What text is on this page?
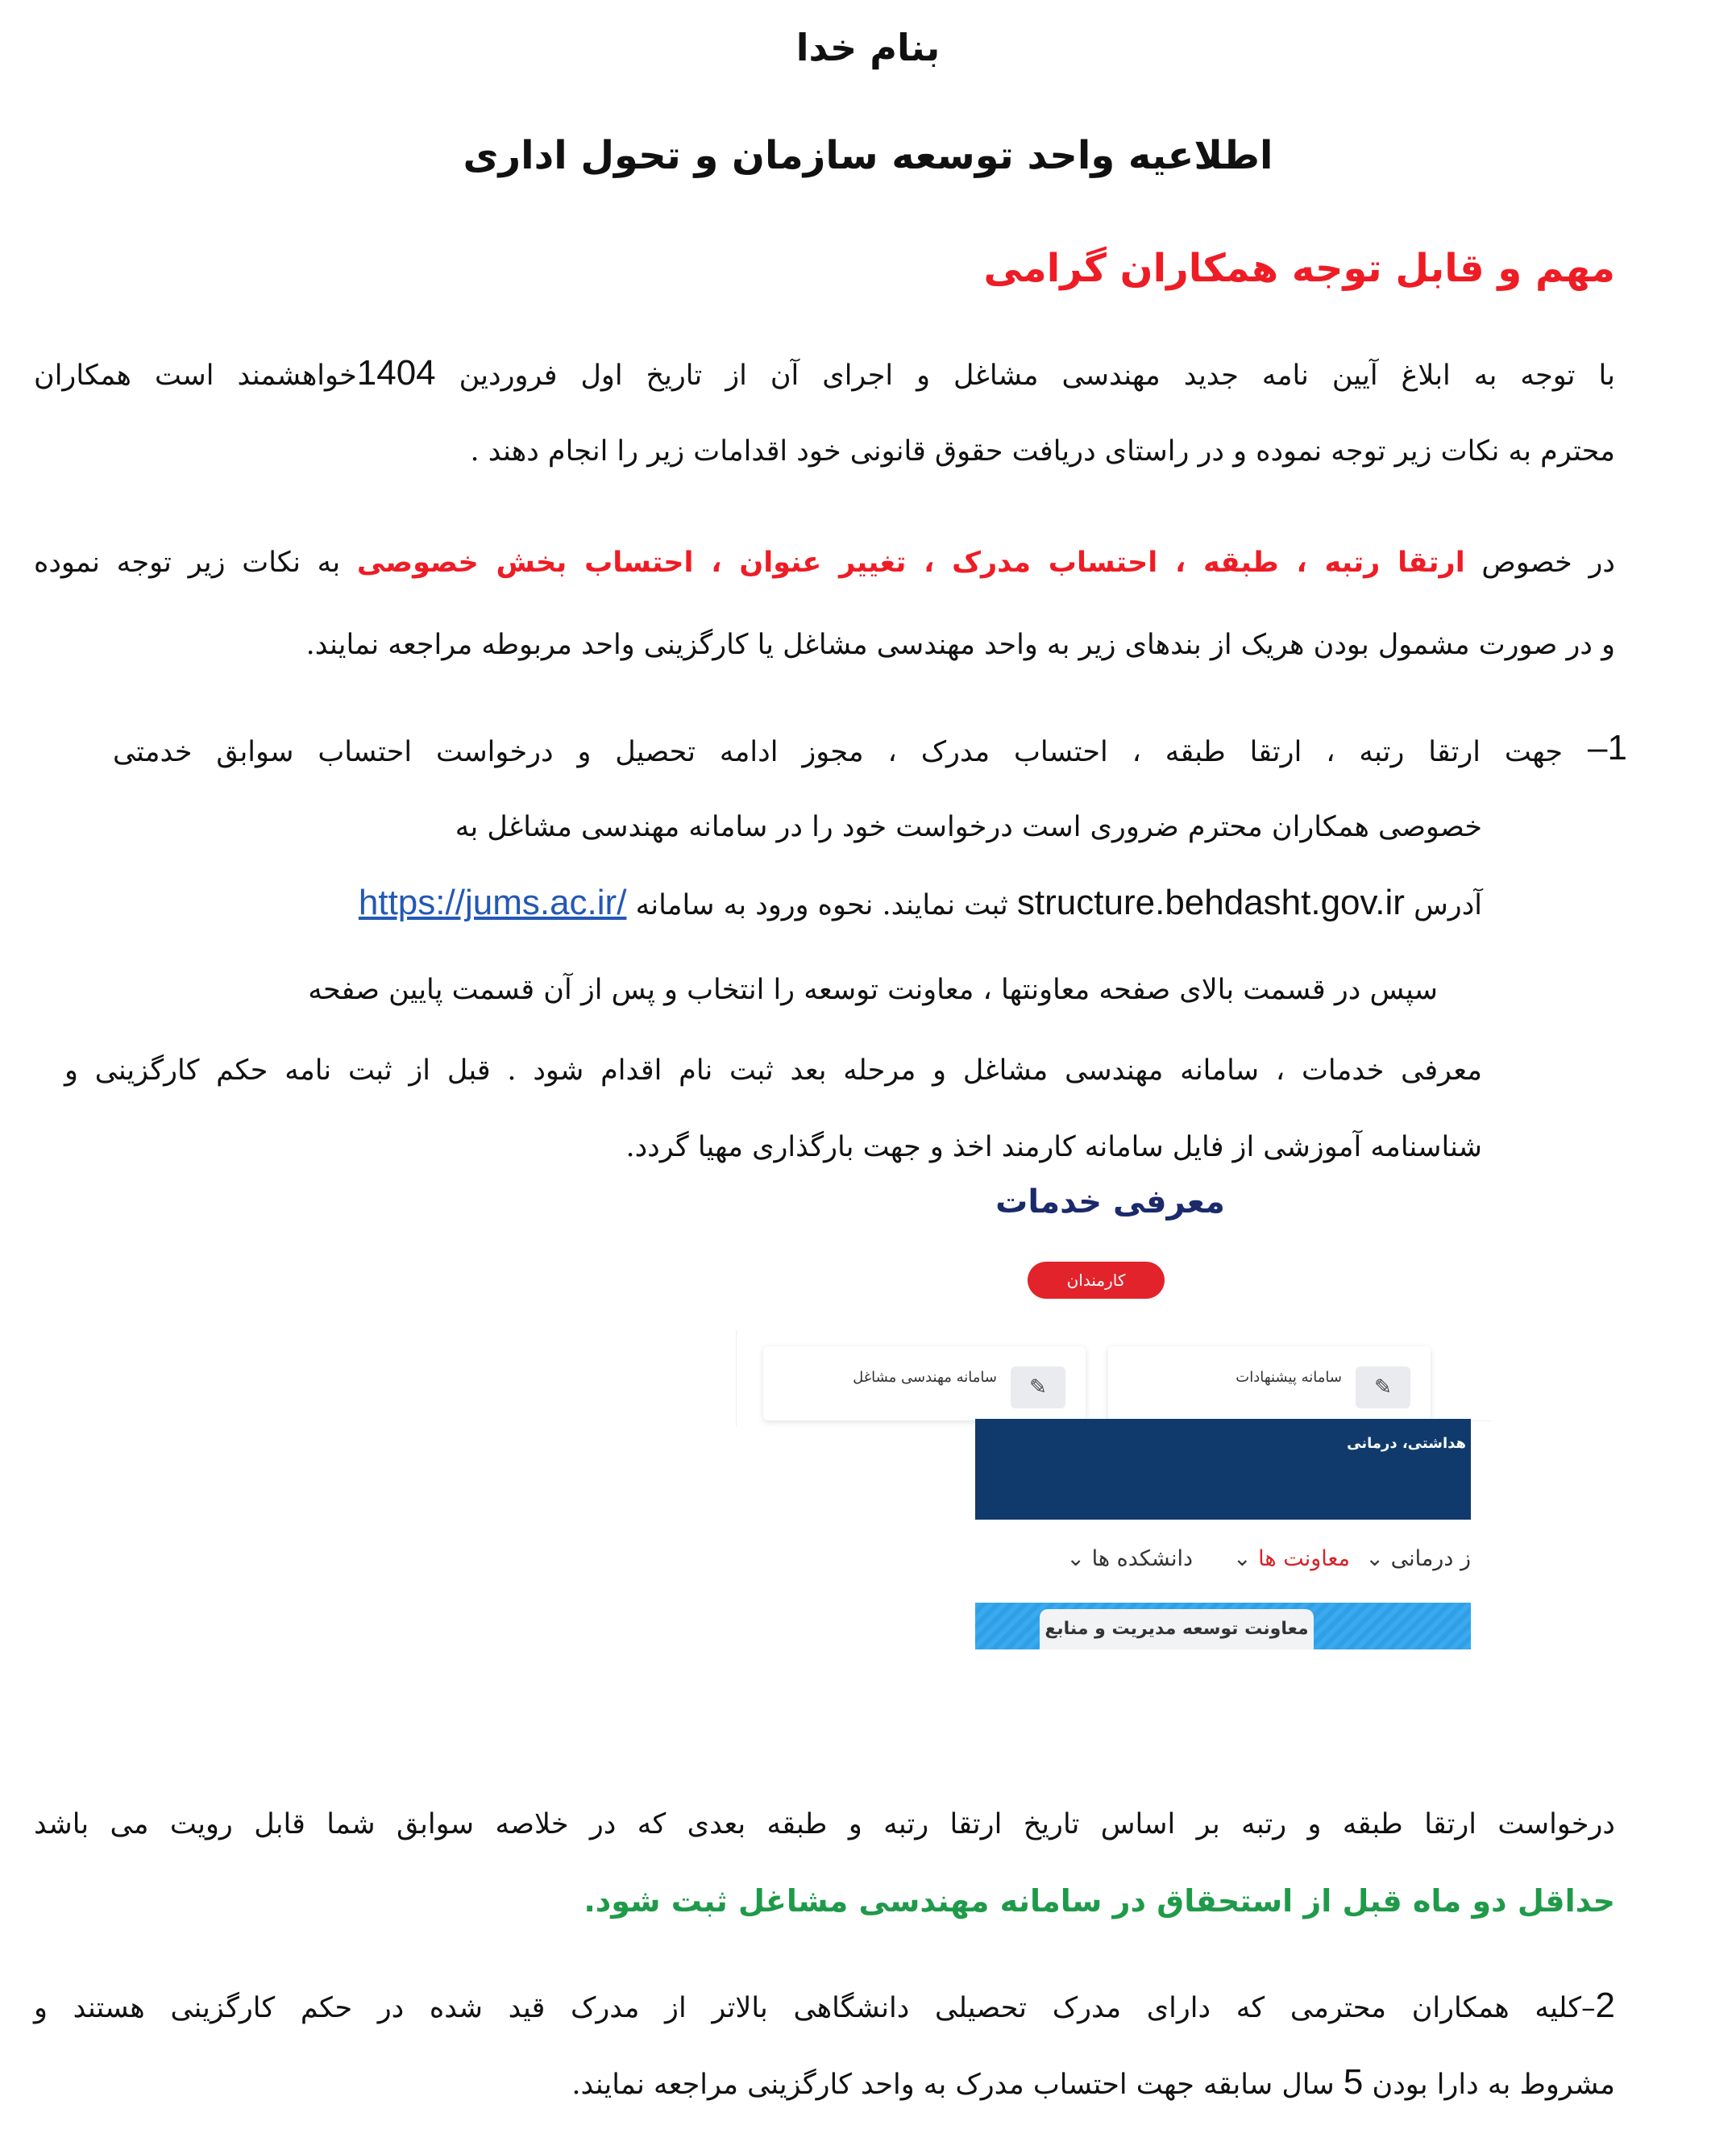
بنام خدا
اطلاعیه واحد توسعه سازمان و تحول اداری
مهم و قابل توجه همکاران گرامی
با توجه به ابلاغ آیین نامه جدید مهندسی مشاغل و اجرای آن از تاریخ اول فروردین 1404خواهشمند است همکاران
محترم به نکات زیر توجه نموده و در راستای دریافت حقوق قانونی خود اقدامات زیر را انجام دهند .
در خصوص ارتقا رتبه ، طبقه ، احتساب مدرک ، تغییر عنوان ، احتساب بخش خصوصی به نکات زیر توجه نموده
و در صورت مشمول بودن هریک از بندهای زیر به واحد مهندسی مشاغل یا کارگزینی واحد مربوطه مراجعه نمایند.
1–
جهت ارتقا رتبه ، ارتقا طبقه ، احتساب مدرک ، مجوز ادامه تحصیل و درخواست احتساب سوابق خدمتی
خصوصی همکاران محترم ضروری است درخواست خود را در سامانه مهندسی مشاغل به
آدرس structure.behdasht.gov.ir ثبت نمایند. نحوه ورود به سامانه https://jums.ac.ir/
سپس در قسمت بالای صفحه معاونتها ، معاونت توسعه را انتخاب و پس از آن قسمت پایین صفحه
معرفی خدمات ، سامانه مهندسی مشاغل و مرحله بعد ثبت نام اقدام شود . قبل از ثبت نامه حکم کارگزینی و
شناسنامه آموزشی از فایل سامانه کارمند اخذ و جهت بارگذاری مهیا گردد.
معرفی خدمات
کارمندان
✎
سامانه پیشنهادات
✎
سامانه مهندسی مشاغل
هداشتی، درمانی
ز درمانی ⌄
معاونت ها ⌄
دانشکده ها ⌄
معاونت توسعه مدیریت و منابع
درخواست ارتقا طبقه و رتبه بر اساس تاریخ ارتقا رتبه و طبقه بعدی که در خلاصه سوابق شما قابل رویت می باشد
حداقل دو ماه قبل از استحقاق در سامانه مهندسی مشاغل ثبت شود.
2–کلیه همکاران محترمی که دارای مدرک تحصیلی دانشگاهی بالاتر از مدرک قید شده در حکم کارگزینی هستند و
مشروط به دارا بودن 5 سال سابقه جهت احتساب مدرک به واحد کارگزینی مراجعه نمایند.
